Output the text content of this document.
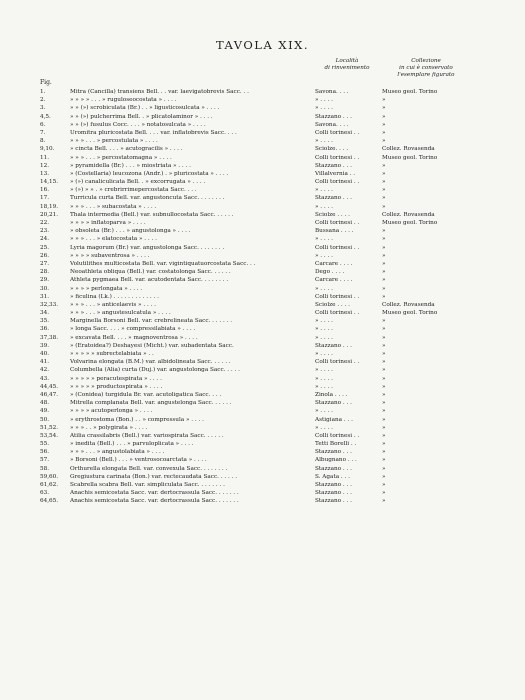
TAVOLA XIX.
Località
di rinvenimento
Collezione
in cui è conservato
l'esemplare figurato
Fig.
1.	Mitra (Cancilla) transiens Bell. . . var. laevigatobrevis Sacc. . .	Savona. . . .	Museo geol. Torino
2.	» » » » . . . » ruguloseocostata » . . . .	» . . . .	»
3.	» » (») scrobiculata (Br.) . . » ligusticosulcata » . . . .	» . . . .	»
4,5.	» » (») pulcherrima Bell. . » plicatolaminor » . . . .	Stazzano . . .	»
6.	» » (») fusulus Cocc. . . . » notatosulcata » . . . .	Savona. . . .	»
7.	Uromitra pluricostata Bell. . . . var. inflatobrevis Sacc. . . .	Colli torinesi . .	»
8.	» » » . . . » percostulata » . . . .	» . . . .	»
9,10.	» cincta Bell. . . . » acutogracilis » . . . .	Sciolze. . . .	Collez. Rovasenda
11.	» » » . . . » percostatomagna » . . . .	Colli torinesi . .	Museo geol. Torino
12.	» pyramidella (Br.) . . . » miostriata » . . . .	Stazzano . . .	»
13.	» (Costellaria) leucozona (Andr.) . » pluricostata » . . . .	Villalvernia . .	»
14,15. » (») canaliculicata Bell. . » excorrugata » . . . .	Colli torinesi . .	»
16.	» (») » » . » crebrirrimepercostata Sacc. . . .	» . . . .	»
17.	Turricula curta Bell. var. angustoncuta Sacc. . . . . . . .	Stazzano . . .	»
18,19. » » » . . . » subacostata » . . . .	» . . . .	»
20,21. Thala intermedia (Bell.) var. subnullocostata Sacc. . . . . .	Sciolze . . . .	Collez. Rovasenda
22.	» » » » inflatoparva » . . . .	Colli torinesi . .	Museo geol. Torino
23.	» obsoleta (Br.) . . . » angustolonga » . . . .	Bussana . . . .	»
24.	» » » . . . » elatocostata » . . . .	» . . . .	»
25.	Lyria magorum (Br.) var. angustolonga Sacc. . . . . . . .	Colli torinesi . .	»
26.	» » » » subaventrosa » . . . .	» . . . .	»
27.	Volutilithes multicostata Bell. var. vigintiquatuorcostata Sacc. . .	Carcare . . . .	»
28.	Neoathleta obliqua (Bell.) var. costatolonga Sacc. . . . . .	Dego . . . .	»
29.	Athleta pygmaea Bell. var. acutodentata Sacc. . . . . . . .	Carcare . . . .	»
30.	» » » » perlongata » . . . .	» . . . .	»
31.	» ficulina (Lk.) . . . . . . . . . . . . .	Colli torinesi . .	»
32,33. » » » . . . » anticelaevis » . . . .	Sciolze . . . .	Collez. Rovasenda
34.	» » » . . . » angustesulcatula » . . . .	Colli torinesi . .	Museo geol. Torino
35.	Marginella Borsoni Bell. var. crebrelineata Sacc. . . . . . .	» . . . .	»
36.	» longa Sacc. . . . » compressilabiata » . . . .	» . . . .	»
37,38. » excavata Bell. . . . » magnoventrosa » . . . .	» . . . .	»
39.	» (Eratoidea?) Deshayesi (Micht.) var. subadentata Sacc.	Stazzano . . .	»
40.	» » » » » subrectelabiata » . .	» . . . .	»
41.	Volvarina elongata (B.M.) var. albidolineata Sacc. . . . . .	Colli torinesi . .	»
42.	Columbella (Alia) curta (Duj.) var. angustolonga Sacc. . . . .	» . . . .	»
43.	» » » » » peracutespirata » . . . .	» . . . .	»
44,45. » » » » » productospirata » . . . .	» . . . .	»
46,47. » (Conidea) turgidula Br. var. acutoligatica Sacc. . . .	Zinola . . . .	»
48.	Mitrella complanata Bell. var. angustelonga Sacc. . . . . .	Stazzano . . .	»
49.	» » » » acutoperlonga » . . . .	» . . . .	»
50.	» erythrostoma (Bon.) . . » compressula » . . . .	Astigiana . . .	»
51,52. » » » . . » polygirata » . . . .	» . . . .	»
53,54. Atilia crassilabris (Bell.) var. variospirata Sacc. . . . . .	Colli torinesi . .	»
55.	» inedita (Bell.) . . . » parvuloplicata » . . . .	Tetti Borelli . .	»
56.	» » » . . . » angustolabiata » . . . .	Stazzano . . .	»
57.	» Borsoni (Bell.) . . . » ventrosocoarctata » . . . .	Albugnano . . .	»
58.	Orthurella elongata Bell. var. convexula Sacc. . . . . . . .	Stazzano . . .	»
59,60. Gregiustura carinata (Bon.) var. rectecaudata Sacc. . . . . .	S. Agata . . .	»
61,62. Scabrella scabra Bell. var. simpliculata Sacc. . . . . . . .	Stazzano . . .	»
63.	Anachis semicostata Sacc. var. dertocrassula Sacc. . . . . . .	Stazzano . . .	»
64,65. Anachis semicostata Sacc. var. dertocrassula Sacc. . . . . . .	Stazzano . . .	»
